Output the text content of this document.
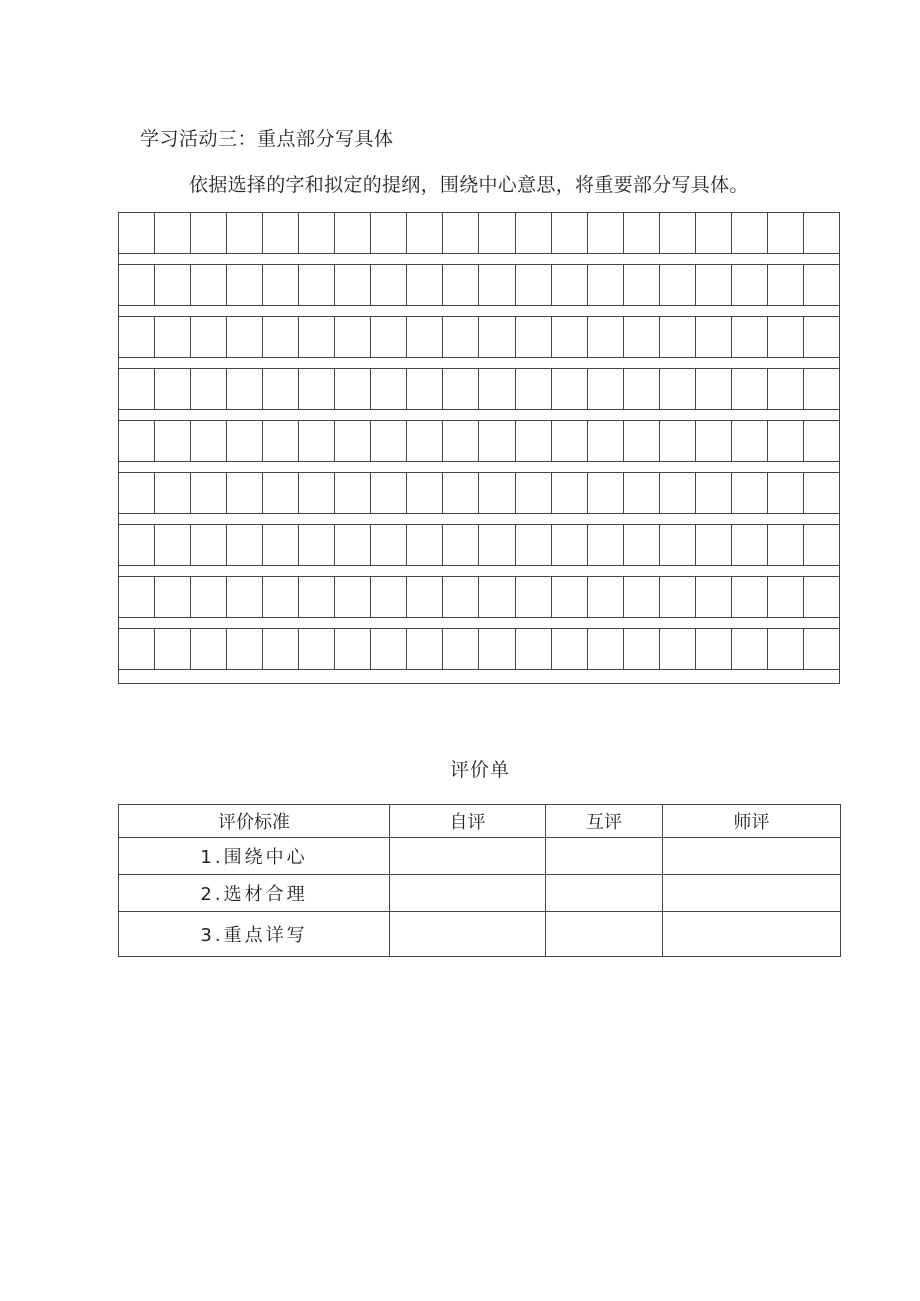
学习活动三：重点部分写具体
依据选择的字和拟定的提纲，围绕中心意思，将重要部分写具体。
评价单
评价标准	自评	互评	师评
1.围绕中心			
2.选材合理			
3.重点详写			
